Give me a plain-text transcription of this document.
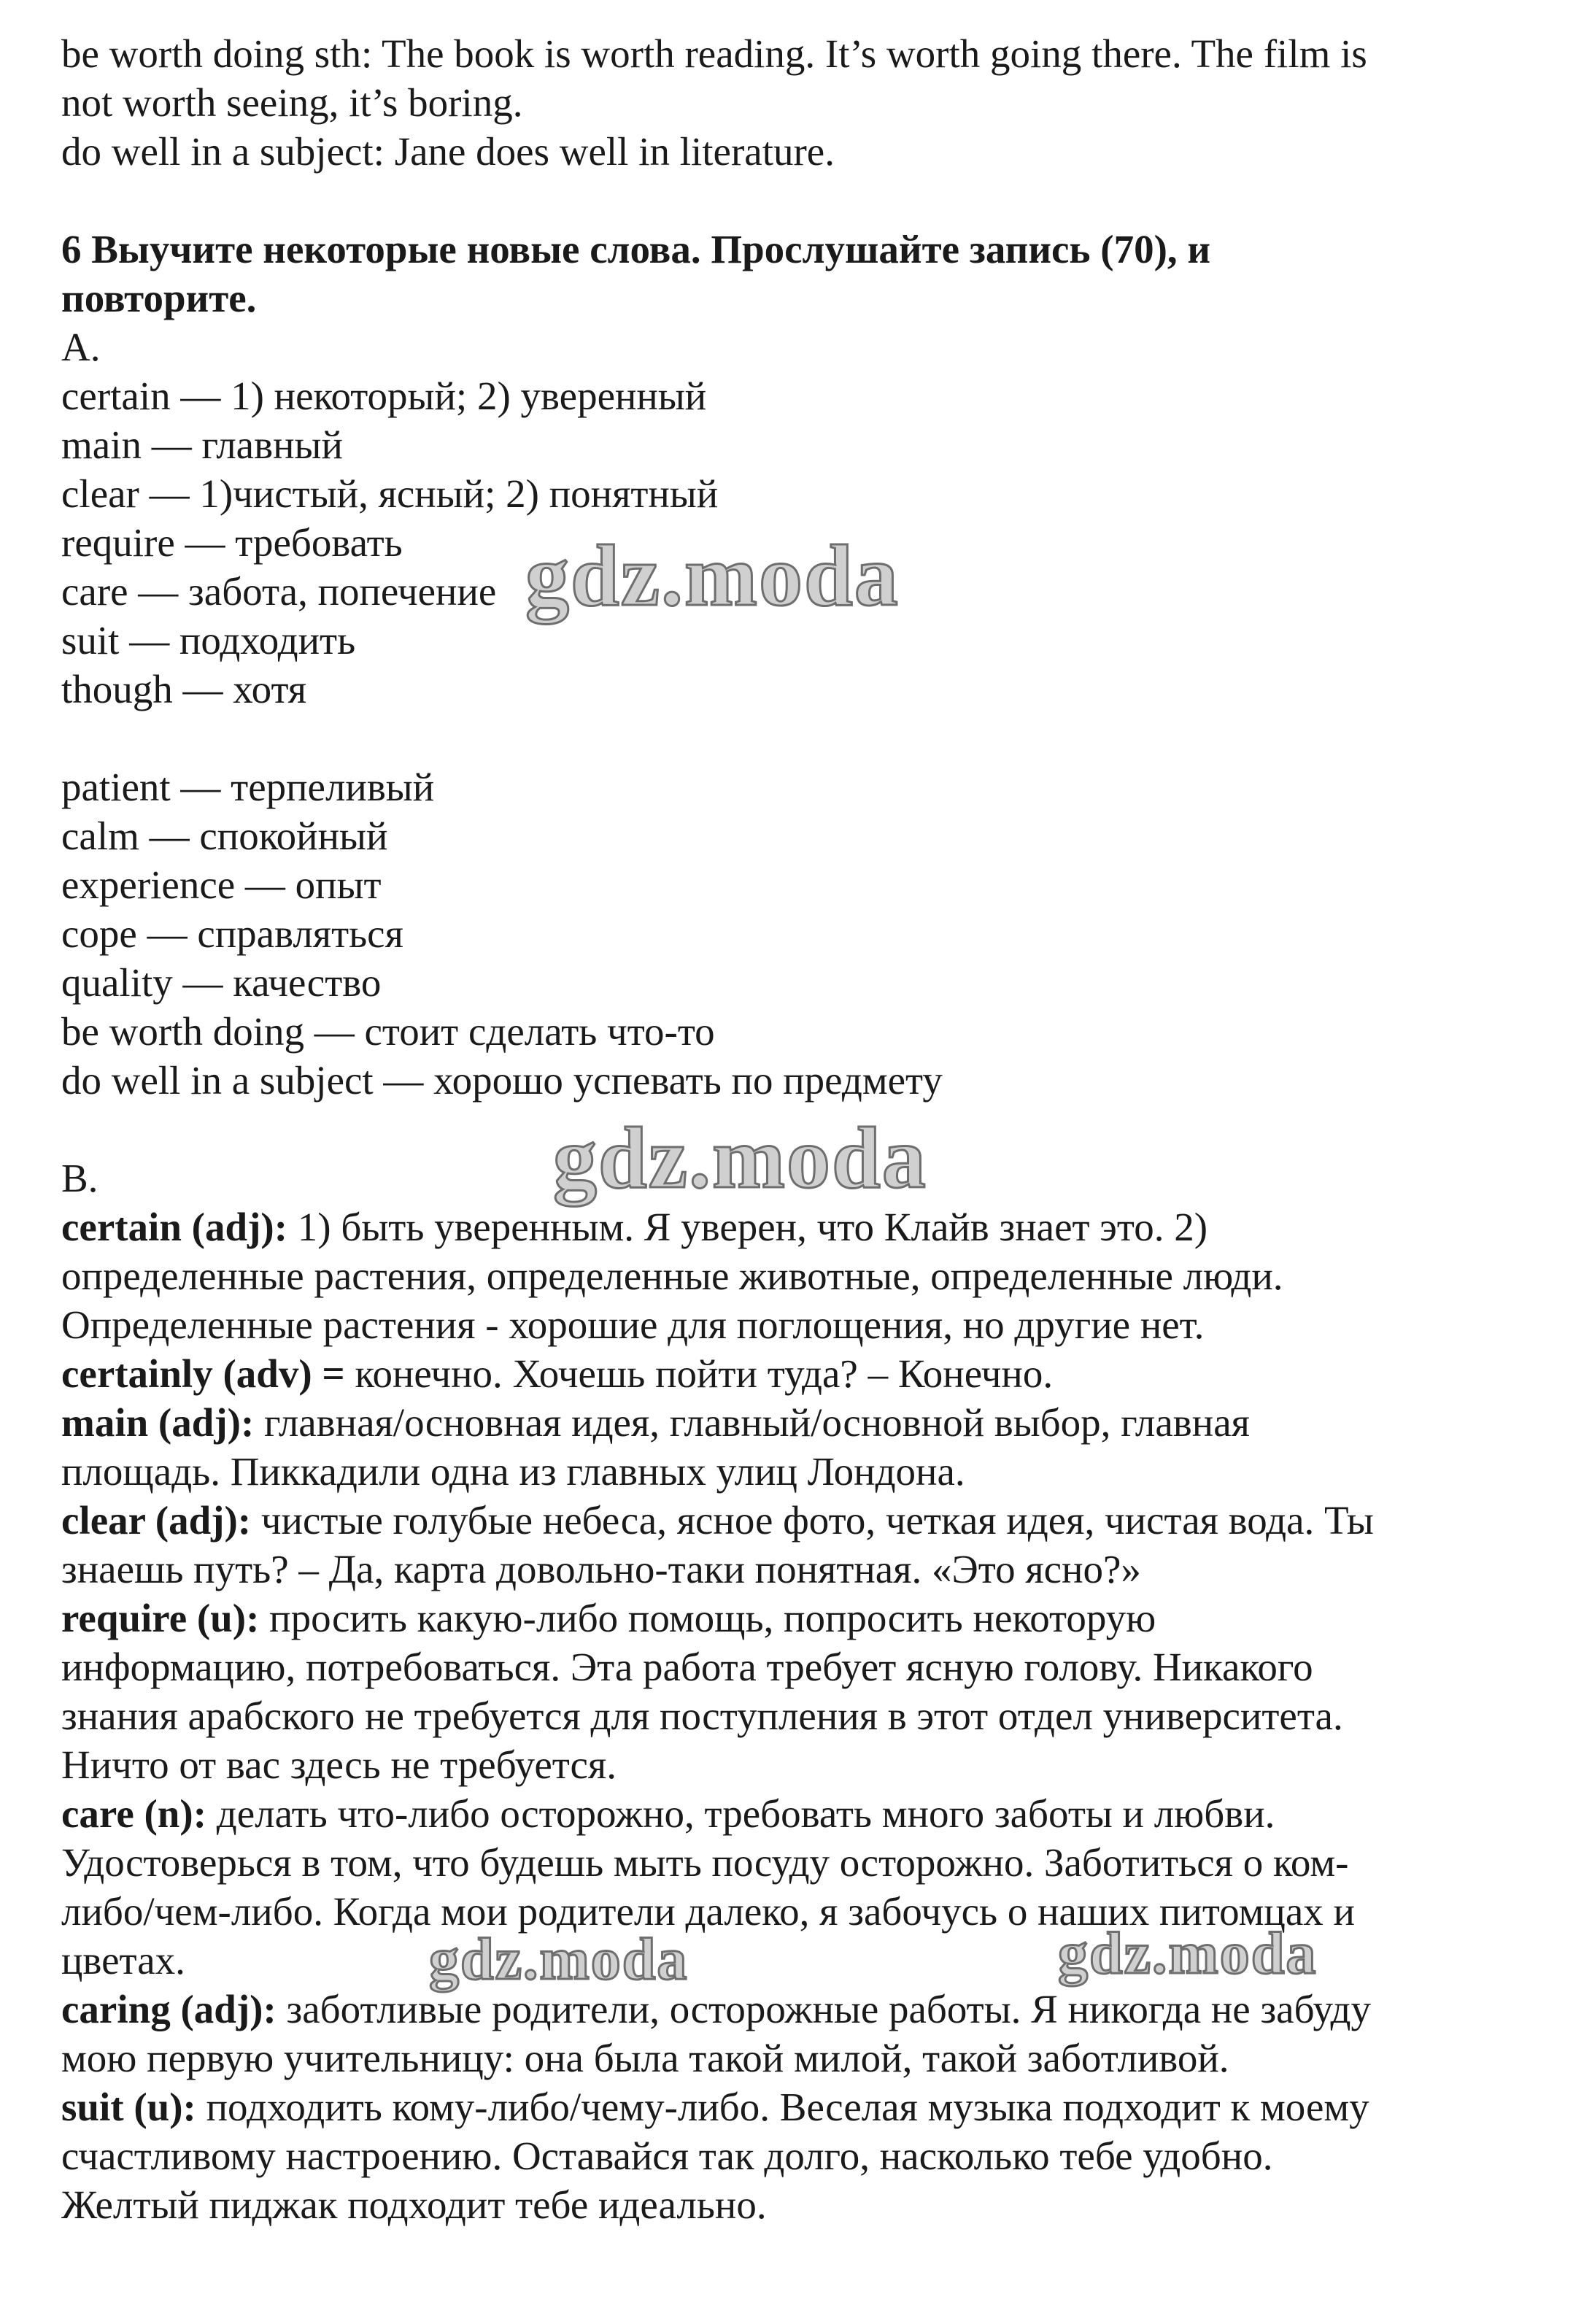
be worth doing sth: The book is worth reading. It’s worth going there. The film is
not worth seeing, it’s boring.
do well in a subject: Jane does well in literature.
6 Выучите некоторые новые слова. Прослушайте запись (70), и
повторите.
A.
certain — 1) некоторый; 2) уверенный
main — главный
clear — 1)чистый, ясный; 2) понятный
require — требовать
care — забота, попечение
suit — подходить
though — хотя
patient — терпеливый
calm — спокойный
experience — опыт
cope — справляться
quality — качество
be worth doing — стоит сделать что-то
do well in a subject — хорошо успевать по предмету
B.
certain (adj): 1) быть уверенным. Я уверен, что Клайв знает это. 2)
определенные растения, определенные животные, определенные люди.
Определенные растения - хорошие для поглощения, но другие нет.
certainly (adv) = конечно. Хочешь пойти туда? – Конечно.
main (adj): главная/основная идея, главный/основной выбор, главная
площадь. Пиккадили одна из главных улиц Лондона.
clear (adj): чистые голубые небеса, ясное фото, четкая идея, чистая вода. Ты
знаешь путь? – Да, карта довольно-таки понятная. «Это ясно?»
require (u): просить какую-либо помощь, попросить некоторую
информацию, потребоваться. Эта работа требует ясную голову. Никакого
знания арабского не требуется для поступления в этот отдел университета.
Ничто от вас здесь не требуется.
care (n): делать что-либо осторожно, требовать много заботы и любви.
Удостоверься в том, что будешь мыть посуду осторожно. Заботиться о ком-
либо/чем-либо. Когда мои родители далеко, я забочусь о наших питомцах и
цветах.
caring (adj): заботливые родители, осторожные работы. Я никогда не забуду
мою первую учительницу: она была такой милой, такой заботливой.
suit (u): подходить кому-либо/чему-либо. Веселая музыка подходит к моему
счастливому настроению. Оставайся так долго, насколько тебе удобно.
Желтый пиджак подходит тебе идеально.
gdz.moda
gdz.moda
gdz.moda	gdz.moda
